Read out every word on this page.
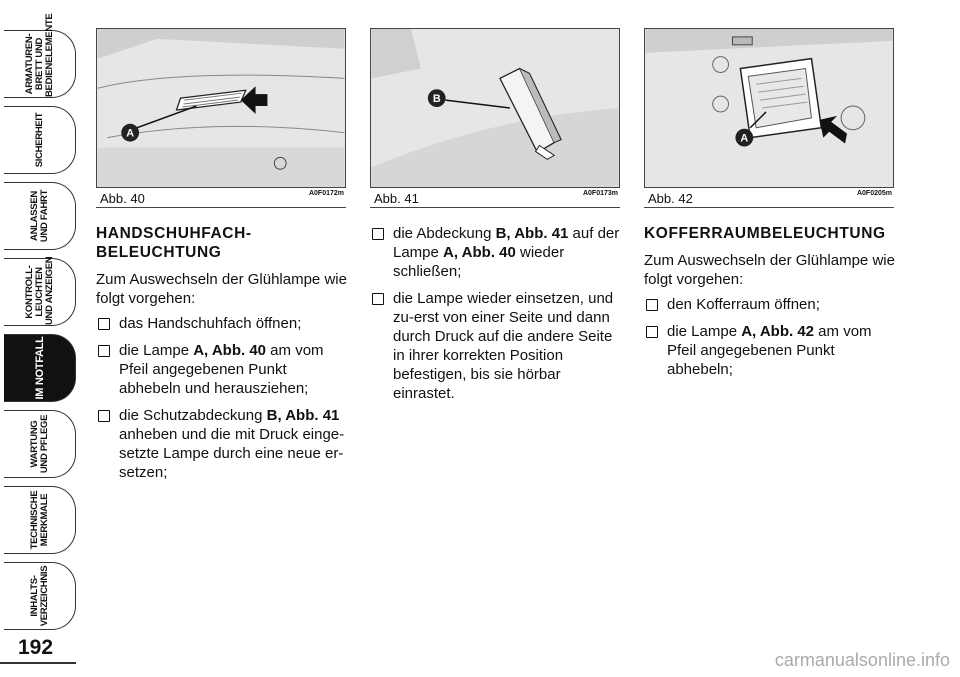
ARMATUREN-
BRETT UND
BEDIENELEMENTE
SICHERHEIT
ANLASSEN
UND FAHRT
KONTROLL-
LEUCHTEN
UND ANZEIGEN
IM NOTFALL
WARTUNG
UND PFLEGE
TECHNISCHE
MERKMALE
INHALTS-
VERZEICHNIS
192
A
Abb. 40	A0F0172m
B
Abb. 41	A0F0173m
A
Abb. 42	A0F0205m
HANDSCHUHFACH-
BELEUCHTUNG
Zum Auswechseln der Glühlampe wie folgt vorgehen:
das Handschuhfach öffnen;
die Lampe A, Abb. 40 am vom Pfeil angegebenen Punkt abhebeln und herausziehen;
die Schutzabdeckung B, Abb. 41 anheben und die mit Druck einge-setzte Lampe durch eine neue er-setzen;
die Abdeckung B, Abb. 41 auf der Lampe A, Abb. 40 wieder schließen;
die Lampe wieder einsetzen, und zu-erst von einer Seite und dann durch Druck auf die andere Seite in ihrer korrekten Position befestigen, bis sie hörbar einrastet.
KOFFERRAUMBELEUCHTUNG
Zum Auswechseln der Glühlampe wie folgt vorgehen:
den Kofferraum öffnen;
die Lampe A, Abb. 42 am vom Pfeil angegebenen Punkt abhebeln;
carmanualsonline.info
